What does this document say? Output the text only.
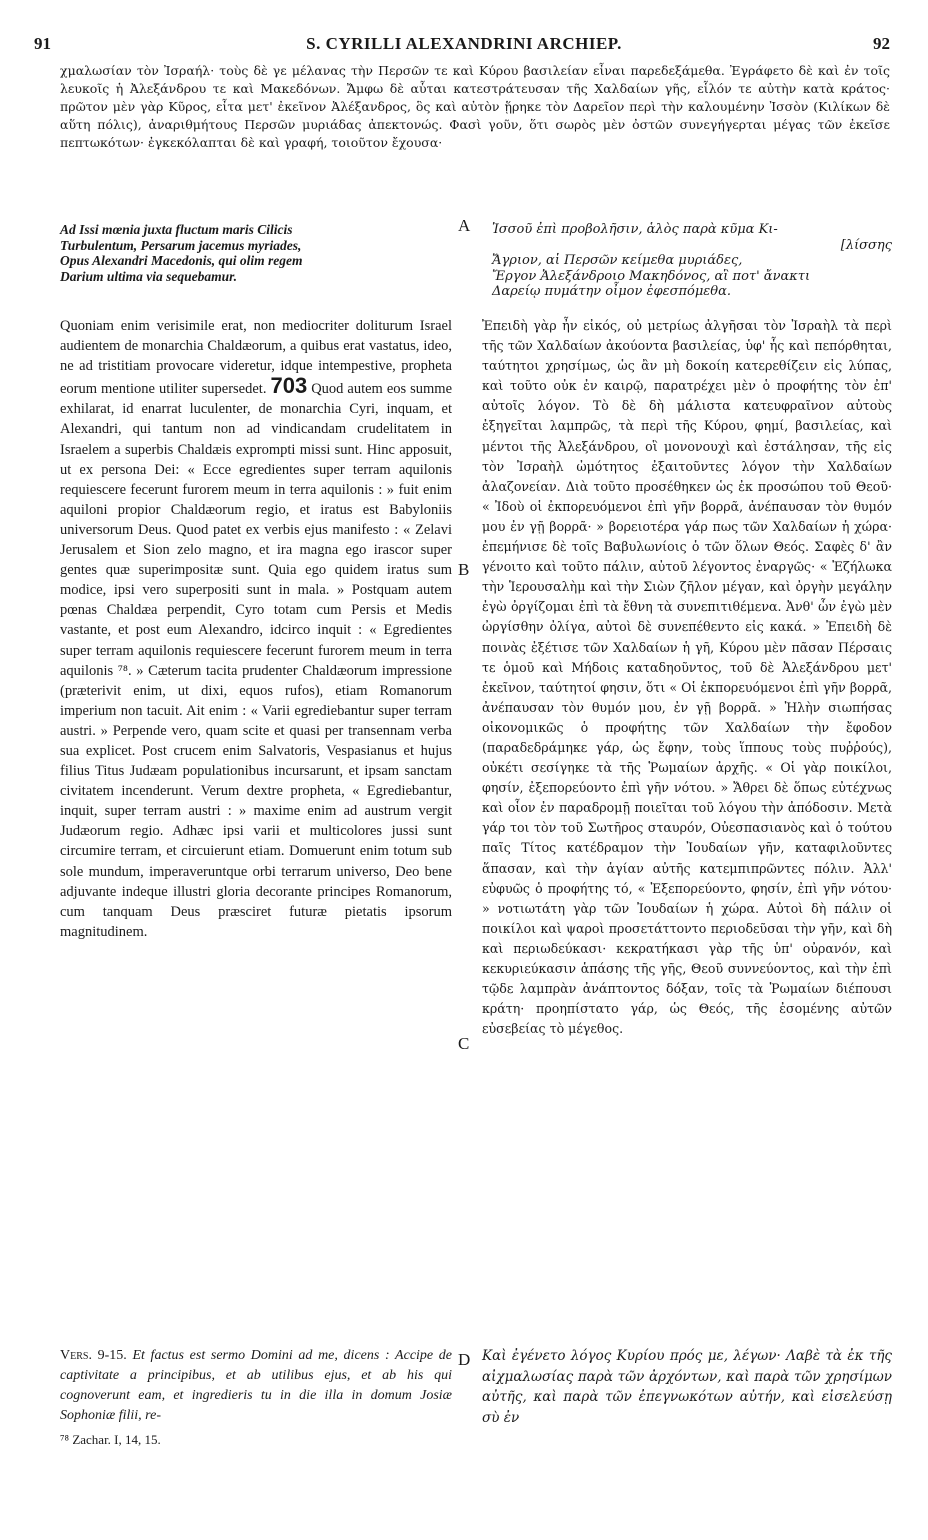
91	S. CYRILLI ALEXANDRINI ARCHIEP.	92

χμαλωσίαν τὸν Ἰσραήλ· τοὺς δὲ γε μέλανας τὴν Περσῶν τε καὶ Κύρου βασιλείαν εἶναι παρεδεξάμεθα. Ἐγράφετο δὲ καὶ ἐν τοῖς λευκοῖς ἡ Ἀλεξάνδρου τε καὶ Μακεδόνων. Ἄμφω δὲ αὗται κατεστράτευσαν τῆς Χαλδαίων γῆς, εἷλόν τε αὐτὴν κατὰ κράτος· πρῶτον μὲν γὰρ Κῦρος, εἶτα μετ' ἐκεῖνον Ἀλέξανδρος, ὃς καὶ αὐτὸν ᾕρηκε τὸν Δαρεῖον περὶ τὴν καλουμένην Ἰσσὸν (Κιλίκων δὲ αὕτη πόλις), ἀναριθμήτους Περσῶν μυριάδας ἀπεκτονώς. Φασὶ γοῦν, ὅτι σωρὸς μὲν ὀστῶν συνεγήγερται μέγας τῶν ἐκεῖσε πεπτωκότων· ἐγκεκόλαπται δὲ καὶ γραφή, τοιοῦτον ἔχουσα·

Ad Issi mœnia juxta fluctum maris Cilicis
Turbulentum, Persarum jacemus myriades,
Opus Alexandri Macedonis, qui olim regem
Darium ultima via sequebamur.

Ἰσσοῦ ἐπὶ προβολῆσιν, ἁλὸς παρὰ κῦμα Κι-
[λίσσης
Ἄγριον, αἱ Περσῶν κείμεθα μυριάδες,
Ἔργον Ἀλεξάνδροιο Μακηδόνος, αἳ ποτ' ἄνακτι
Δαρείῳ πυμάτην οἶμον ἐφεσπόμεθα.

A
B
C
D

Quoniam enim verisimile erat, non mediocriter doliturum Israel audientem de monarchia Chaldæorum, a quibus erat vastatus, ideo, ne ad tristitiam provocare videretur, idque intempestive, propheta eorum mentione utiliter supersedet. 703 Quod autem eos summe exhilarat, id enarrat luculenter, de monarchia Cyri, inquam, et Alexandri, qui tantum non ad vindicandam crudelitatem in Israelem a superbis Chaldæis exprompti missi sunt. Hinc apposuit, ut ex persona Dei: « Ecce egredientes super terram aquilonis requiescere fecerunt furorem meum in terra aquilonis : » fuit enim aquiloni propior Chaldæorum regio, et iratus est Babyloniis universorum Deus. Quod patet ex verbis ejus manifesto : « Zelavi Jerusalem et Sion zelo magno, et ira magna ego irascor super gentes quæ superimpositæ sunt. Quia ego quidem iratus sum modice, ipsi vero superpositi sunt in mala. » Postquam autem pœnas Chaldæa perpendit, Cyro totam cum Persis et Medis vastante, et post eum Alexandro, idcirco inquit : « Egredientes super terram aquilonis requiescere fecerunt furorem meum in terra aquilonis ⁷⁸. » Cæterum tacita prudenter Chaldæorum impressione (præterivit enim, ut dixi, equos rufos), etiam Romanorum imperium non tacuit. Ait enim : « Varii egrediebantur super terram austri. » Perpende vero, quam scite et quasi per transennam verba sua explicet. Post crucem enim Salvatoris, Vespasianus et hujus filius Titus Judæam populationibus incursarunt, et ipsam sanctam civitatem incenderunt. Verum dextre propheta, « Egrediebantur, inquit, super terram austri : » maxime enim ad austrum vergit Judæorum regio. Adhæc ipsi varii et multicolores jussi sunt circumire terram, et circuierunt etiam. Domuerunt enim totum sub sole mundum, imperaveruntque orbi terrarum universo, Deo bene adjuvante indeque illustri gloria decorante principes Romanorum, cum tanquam Deus præsciret futuræ pietatis ipsorum magnitudinem.

Ἐπειδὴ γὰρ ἦν εἰκός, οὐ μετρίως ἀλγῆσαι τὸν Ἰσραὴλ τὰ περὶ τῆς τῶν Χαλδαίων ἀκούοντα βασιλείας, ὑφ' ἧς καὶ πεπόρθηται, ταύτητοι χρησίμως, ὡς ἂν μὴ δοκοίη κατερεθίζειν εἰς λύπας, καὶ τοῦτο οὐκ ἐν καιρῷ, παρατρέχει μὲν ὁ προφήτης τὸν ἐπ' αὐτοῖς λόγον. Τὸ δὲ δὴ μάλιστα κατευφραῖνον αὐτοὺς ἐξηγεῖται λαμπρῶς, τὰ περὶ τῆς Κύρου, φημί, βασιλείας, καὶ μέντοι τῆς Ἀλεξάνδρου, οἳ μονονουχὶ καὶ ἐστάλησαν, τῆς εἰς τὸν Ἰσραὴλ ὠμότητος ἐξαιτοῦντες λόγον τὴν Χαλδαίων ἀλαζονείαν. Διὰ τοῦτο προσέθηκεν ὡς ἐκ προσώπου τοῦ Θεοῦ· « Ἰδοὺ οἱ ἐκπορευόμενοι ἐπὶ γῆν βορρᾶ, ἀνέπαυσαν τὸν θυμόν μου ἐν γῇ βορρᾶ· » βορειοτέρα γάρ πως τῶν Χαλδαίων ἡ χώρα· ἐπεμήνισε δὲ τοῖς Βαβυλωνίοις ὁ τῶν ὅλων Θεός. Σαφὲς δ' ἂν γένοιτο καὶ τοῦτο πάλιν, αὐτοῦ λέγοντος ἐναργῶς· « Ἐζήλωκα τὴν Ἱερουσαλὴμ καὶ τὴν Σιὼν ζῆλον μέγαν, καὶ ὀργὴν μεγάλην ἐγὼ ὀργίζομαι ἐπὶ τὰ ἔθνη τὰ συνεπιτιθέμενα. Ἀνθ' ὧν ἐγὼ μὲν ὠργίσθην ὀλίγα, αὐτοὶ δὲ συνεπέθεντο εἰς κακά. » Ἐπειδὴ δὲ ποινὰς ἐξέτισε τῶν Χαλδαίων ἡ γῆ, Κύρου μὲν πᾶσαν Πέρσαις τε ὁμοῦ καὶ Μήδοις καταδηοῦντος, τοῦ δὲ Ἀλεξάνδρου μετ' ἐκεῖνον, ταύτητοί φησιν, ὅτι « Οἱ ἐκπορευόμενοι ἐπὶ γῆν βορρᾶ, ἀνέπαυσαν τὸν θυμόν μου, ἐν γῇ βορρᾶ. » Ἠλὴν σιωπήσας οἰκονομικῶς ὁ προφήτης τῶν Χαλδαίων τὴν ἔφοδον (παραδεδράμηκε γάρ, ὡς ἔφην, τοὺς ἵππους τοὺς πυῤῥούς), οὐκέτι σεσίγηκε τὰ τῆς Ῥωμαίων ἀρχῆς. « Οἱ γὰρ ποικίλοι, φησίν, ἐξεπορεύοντο ἐπὶ γῆν νότου. » Ἄθρει δὲ ὅπως εὐτέχνως καὶ οἷον ἐν παραδρομῇ ποιεῖται τοῦ λόγου τὴν ἀπόδοσιν. Μετὰ γάρ τοι τὸν τοῦ Σωτῆρος σταυρόν, Οὐεσπασιανὸς καὶ ὁ τούτου παῖς Τίτος κατέδραμον τὴν Ἰουδαίων γῆν, καταφιλοῦντες ἅπασαν, καὶ τὴν ἁγίαν αὐτῆς κατεμπιπρῶντες πόλιν. Ἀλλ' εὐφυῶς ὁ προφήτης τό, « Ἐξεπορεύοντο, φησίν, ἐπὶ γῆν νότου· » νοτιωτάτη γὰρ τῶν Ἰουδαίων ἡ χώρα. Αὐτοὶ δὴ πάλιν οἱ ποικίλοι καὶ ψαροὶ προσετάττοντο περιοδεῦσαι τὴν γῆν, καὶ δὴ καὶ περιωδεύκασι· κεκρατήκασι γὰρ τῆς ὑπ' οὐρανόν, καὶ κεκυριεύκασιν ἁπάσης τῆς γῆς, Θεοῦ συννεύοντος, καὶ τὴν ἐπὶ τῷδε λαμπρὰν ἀνάπτοντος δόξαν, τοῖς τὰ Ῥωμαίων διέπουσι κράτη· προηπίστατο γάρ, ὡς Θεός, τῆς ἐσομένης αὐτῶν εὐσεβείας τὸ μέγεθος.

Vers. 9-15. Et factus est sermo Domini ad me, dicens : Accipe de captivitate a principibus, et ab utilibus ejus, et ab his qui cognoverunt eam, et ingredieris tu in die illa in domum Josiæ Sophoniæ filii, re-

Καὶ ἐγένετο λόγος Κυρίου πρός με, λέγων· Λαβὲ τὰ ἐκ τῆς αἰχμαλωσίας παρὰ τῶν ἀρχόντων, καὶ παρὰ τῶν χρησίμων αὐτῆς, καὶ παρὰ τῶν ἐπεγνωκότων αὐτήν, καὶ εἰσελεύσῃ σὺ ἐν

⁷⁸ Zachar. I, 14, 15.
